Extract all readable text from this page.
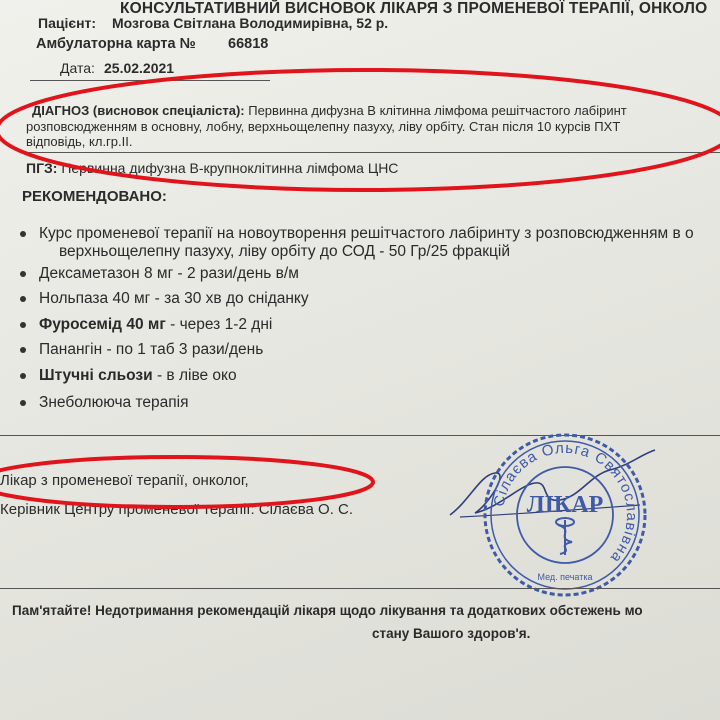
КОНСУЛЬТАТИВНИЙ ВИСНОВОК ЛІКАРЯ З ПРОМЕНЕВОЇ ТЕРАПІЇ, ОНКОЛО
Пацієнт: Мозгова Світлана Володимирівна, 52 р.
Амбулаторна карта № 66818
Дата: 25.02.2021
ДІАГНОЗ (висновок спеціаліста): Первинна дифузна В клітинна лімфома решітчастого лабіринт
розповсюдженням в основну, лобну, верхньощелепну пазуху, ліву орбіту. Стан після 10 курсів ПХТ
відповідь, кл.гр.II.
ПГЗ: Первинна дифузна В-крупноклітинна лімфома ЦНС
РЕКОМЕНДОВАНО:
Курс променевої терапії на новоутворення решітчастого лабіринту з розповсюдженням в о
верхньощелепну пазуху, ліву орбіту до СОД - 50 Гр/25 фракцій
Дексаметазон 8 мг - 2 рази/день в/м
Нольпаза 40 мг - за 30 хв до сніданку
Фуросемід 40 мг - через 1-2 дні
Панангін - по 1 таб 3 рази/день
Штучні сльози - в ліве око
Знеболююча терапія
Лікар з променевої терапії, онколог,
Керівник Центру променевої терапії: Сілаєва О. С.
Сілаєва Ольга Святославівна
ЛІКАР
Мед. печатка
Пам'ятайте! Недотримання рекомендацій лікаря щодо лікування та додаткових обстежень мо
стану Вашого здоров'я.
